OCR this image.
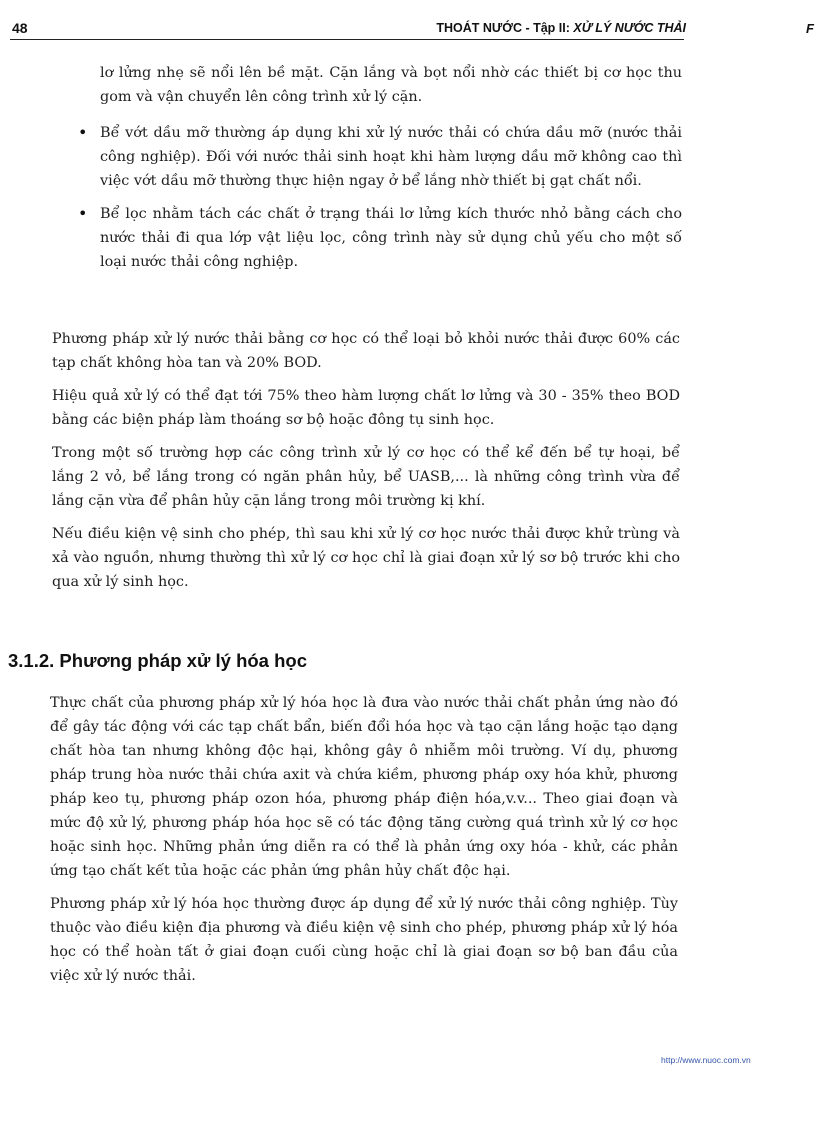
48	THOÁT NƯỚC - Tập II: XỬ LÝ NƯỚC THẢI	F
lơ lửng nhẹ sẽ nổi lên bề mặt. Cặn lắng và bọt nổi nhờ các thiết bị cơ học thu gom và vận chuyển lên công trình xử lý cặn.
• Bể vớt dầu mỡ thường áp dụng khi xử lý nước thải có chứa dầu mỡ (nước thải công nghiệp). Đối với nước thải sinh hoạt khi hàm lượng dầu mỡ không cao thì việc vớt dầu mỡ thường thực hiện ngay ở bể lắng nhờ thiết bị gạt chất nổi.
• Bể lọc nhằm tách các chất ở trạng thái lơ lửng kích thước nhỏ bằng cách cho nước thải đi qua lớp vật liệu lọc, công trình này sử dụng chủ yếu cho một số loại nước thải công nghiệp.

Phương pháp xử lý nước thải bằng cơ học có thể loại bỏ khỏi nước thải được 60% các tạp chất không hòa tan và 20% BOD.

Hiệu quả xử lý có thể đạt tới 75% theo hàm lượng chất lơ lửng và 30 - 35% theo BOD bằng các biện pháp làm thoáng sơ bộ hoặc đông tụ sinh học.

Trong một số trường hợp các công trình xử lý cơ học có thể kể đến bể tự hoại, bể lắng 2 vỏ, bể lắng trong có ngăn phân hủy, bể UASB,... là những công trình vừa để lắng cặn vừa để phân hủy cặn lắng trong môi trường kị khí.

Nếu điều kiện vệ sinh cho phép, thì sau khi xử lý cơ học nước thải được khử trùng và xả vào nguồn, nhưng thường thì xử lý cơ học chỉ là giai đoạn xử lý sơ bộ trước khi cho qua xử lý sinh học.

3.1.2. Phương pháp xử lý hóa học

Thực chất của phương pháp xử lý hóa học là đưa vào nước thải chất phản ứng nào đó để gây tác động với các tạp chất bẩn, biến đổi hóa học và tạo cặn lắng hoặc tạo dạng chất hòa tan nhưng không độc hại, không gây ô nhiễm môi trường. Ví dụ, phương pháp trung hòa nước thải chứa axit và chứa kiềm, phương pháp oxy hóa khử, phương pháp keo tụ, phương pháp ozon hóa, phương pháp điện hóa,v.v... Theo giai đoạn và mức độ xử lý, phương pháp hóa học sẽ có tác động tăng cường quá trình xử lý cơ học hoặc sinh học. Những phản ứng diễn ra có thể là phản ứng oxy hóa - khử, các phản ứng tạo chất kết tủa hoặc các phản ứng phân hủy chất độc hại.

Phương pháp xử lý hóa học thường được áp dụng để xử lý nước thải công nghiệp. Tùy thuộc vào điều kiện địa phương và điều kiện vệ sinh cho phép, phương pháp xử lý hóa học có thể hoàn tất ở giai đoạn cuối cùng hoặc chỉ là giai đoạn sơ bộ ban đầu của việc xử lý nước thải.

http://www.nuoc.com.vn
